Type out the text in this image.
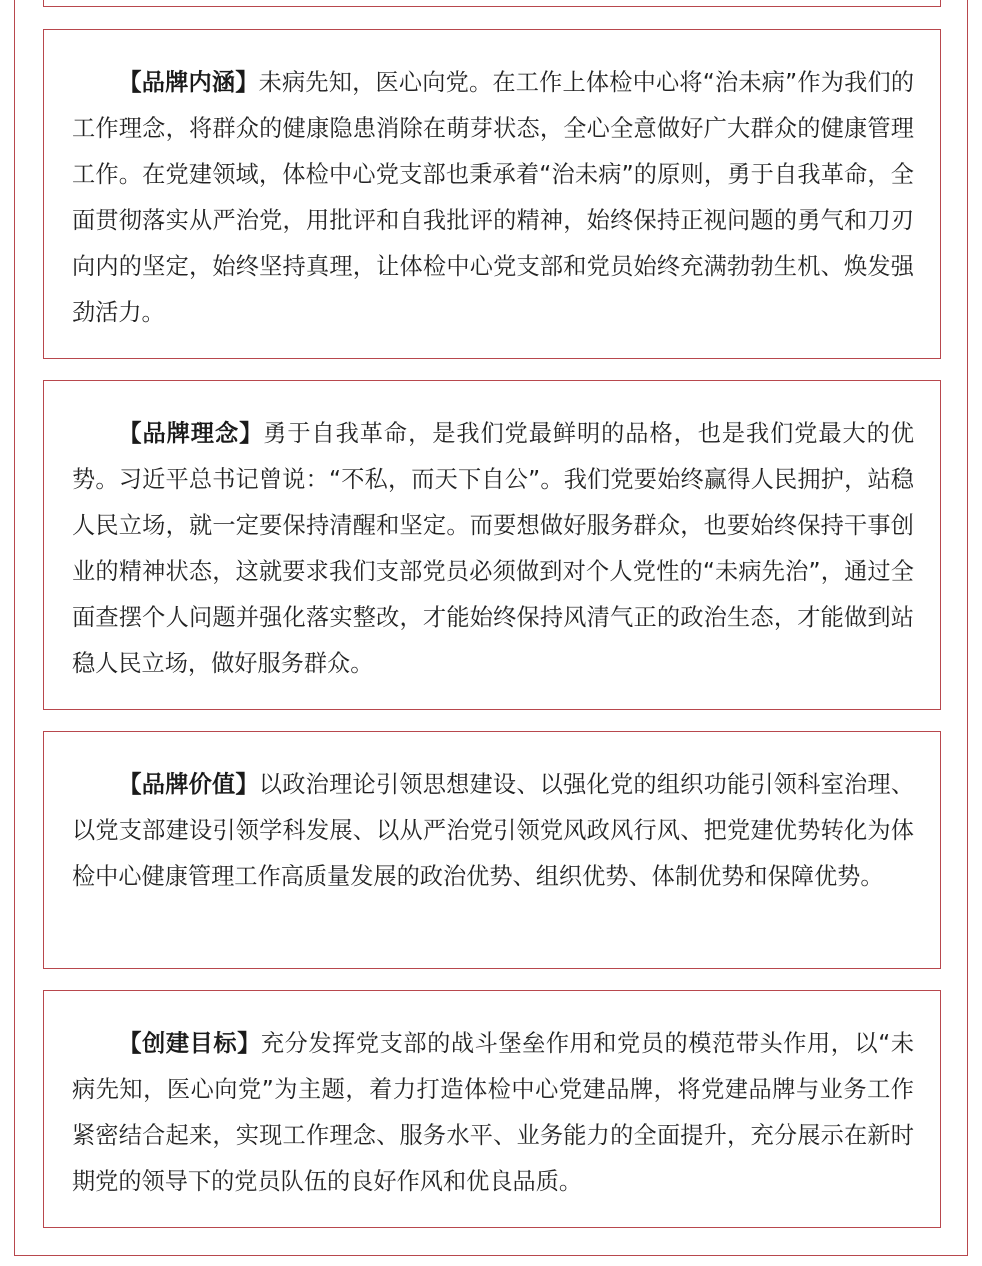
【品牌内涵】未病先知，医心向党。在工作上体检中心将“治未病”作为我们的工作理念，将群众的健康隐患消除在萌芽状态，全心全意做好广大群众的健康管理工作。在党建领域，体检中心党支部也秉承着“治未病”的原则，勇于自我革命，全面贯彻落实从严治党，用批评和自我批评的精神，始终保持正视问题的勇气和刀刃向内的坚定，始终坚持真理，让体检中心党支部和党员始终充满勃勃生机、焕发强劲活力。

【品牌理念】勇于自我革命，是我们党最鲜明的品格，也是我们党最大的优势。习近平总书记曾说：“不私，而天下自公”。我们党要始终赢得人民拥护，站稳人民立场，就一定要保持清醒和坚定。而要想做好服务群众，也要始终保持干事创业的精神状态，这就要求我们支部党员必须做到对个人党性的“未病先治”，通过全面查摆个人问题并强化落实整改，才能始终保持风清气正的政治生态，才能做到站稳人民立场，做好服务群众。

【品牌价值】以政治理论引领思想建设、以强化党的组织功能引领科室治理、以党支部建设引领学科发展、以从严治党引领党风政风行风、把党建优势转化为体检中心健康管理工作高质量发展的政治优势、组织优势、体制优势和保障优势。

【创建目标】充分发挥党支部的战斗堡垒作用和党员的模范带头作用，以“未病先知，医心向党”为主题，着力打造体检中心党建品牌，将党建品牌与业务工作紧密结合起来，实现工作理念、服务水平、业务能力的全面提升，充分展示在新时期党的领导下的党员队伍的良好作风和优良品质。
